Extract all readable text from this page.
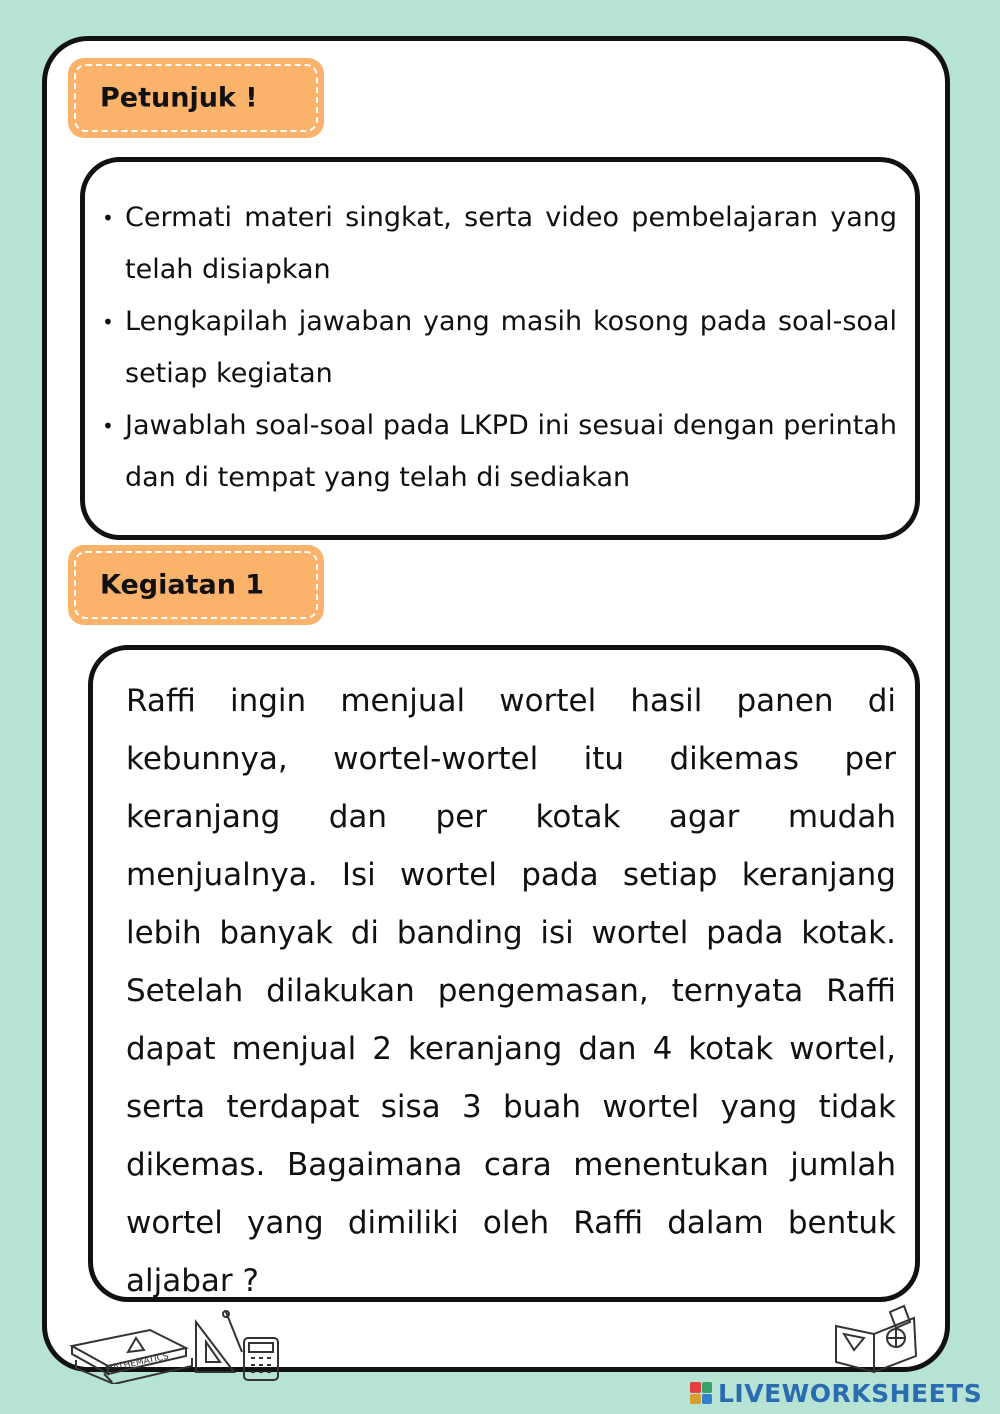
Petunjuk !
• Cermati materi singkat, serta video pembelajaran yang telah disiapkan
• Lengkapilah jawaban yang masih kosong pada soal-soal setiap kegiatan
• Jawablah soal-soal pada LKPD ini sesuai dengan perintah dan di tempat yang telah di sediakan
Kegiatan 1

Raffi ingin menjual wortel hasil panen di kebunnya, wortel-wortel itu dikemas per keranjang dan per kotak agar mudah menjualnya. Isi wortel pada setiap keranjang lebih banyak di banding isi wortel pada kotak. Setelah dilakukan pengemasan, ternyata Raffi dapat menjual 2 keranjang dan 4 kotak wortel, serta terdapat sisa 3 buah wortel yang tidak dikemas. Bagaimana cara menentukan jumlah wortel yang dimiliki oleh Raffi dalam bentuk aljabar ?

MATHEMATICS
LIVEWORKSHEETS
